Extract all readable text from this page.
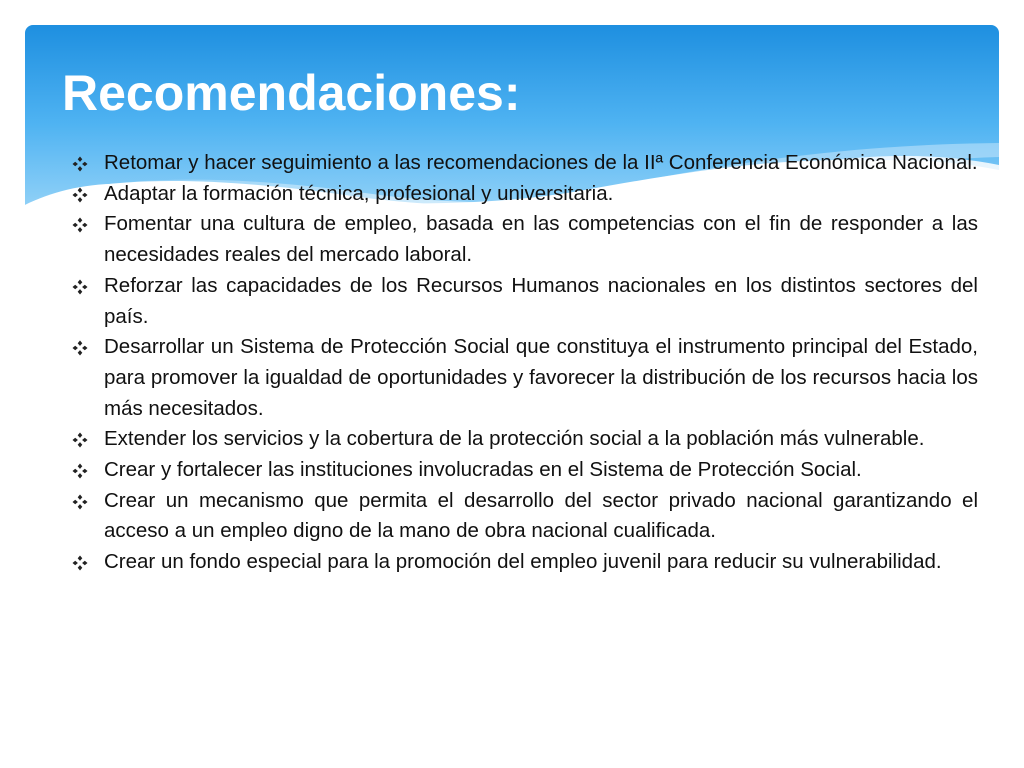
Recomendaciones:
Retomar y hacer seguimiento a las recomendaciones de la IIª Conferencia Económica Nacional.
Adaptar la formación técnica, profesional y universitaria.
Fomentar una cultura de empleo, basada en las competencias con el fin de responder a las necesidades reales del mercado laboral.
Reforzar las capacidades de los Recursos Humanos nacionales en los distintos sectores del país.
Desarrollar un Sistema de Protección Social que constituya el instrumento principal del Estado, para promover la igualdad de oportunidades y favorecer la distribución de los recursos hacia los más necesitados.
Extender los servicios y la cobertura de la protección social a la población más vulnerable.
Crear y fortalecer las instituciones involucradas en el Sistema de Protección Social.
Crear un mecanismo que permita el desarrollo del sector privado nacional garantizando el acceso a un empleo digno de la mano de obra nacional cualificada.
Crear un fondo especial para la promoción del empleo juvenil para reducir su vulnerabilidad.
